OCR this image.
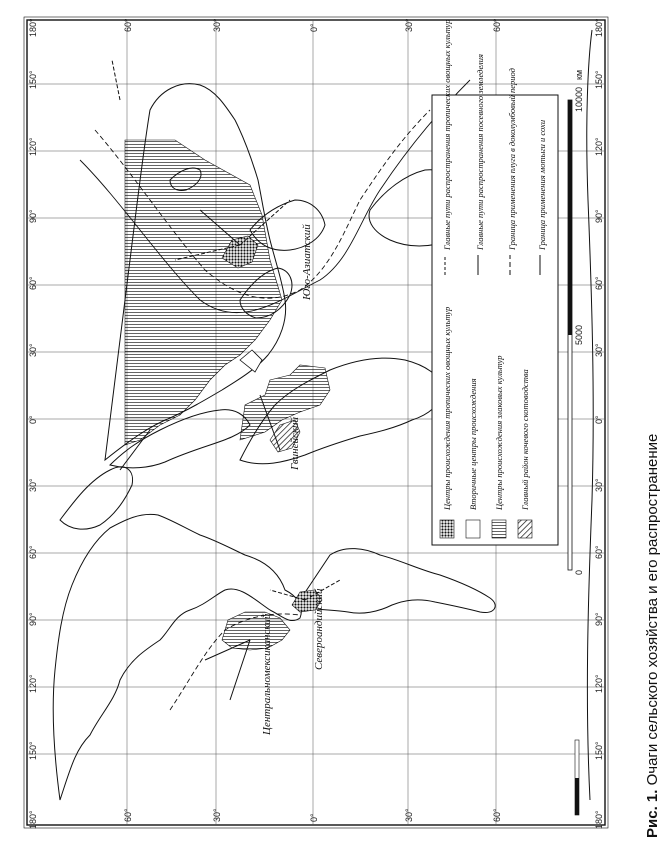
180°
150°
120°
90°
60°
30°
0°
30°
60°
90°
120°
150°
180°
180°
150°
120°
90°
60°
30°
0°
30°
60°
90°
120°
150°
180°
60°	30°	0°	30°	60°
60°	30°	0°	30°	60°
Центральномексиканский	Североандийский
Гвинейский
Юго-Азиатский
Центры происхождения тропических овощных культур Вторичные центры происхождения Центры происхождения злаковых культур Главный район кочевого скотоводства
Главные пути распространения тропических овощных культур	Главные пути распространения посевного земледелия	Граница применения плуга в доколумбовый период Граница применения мотыги и сохи
0
5000
10000
км
Рис. 1. Очаги сельского хозяйства и его распространение
